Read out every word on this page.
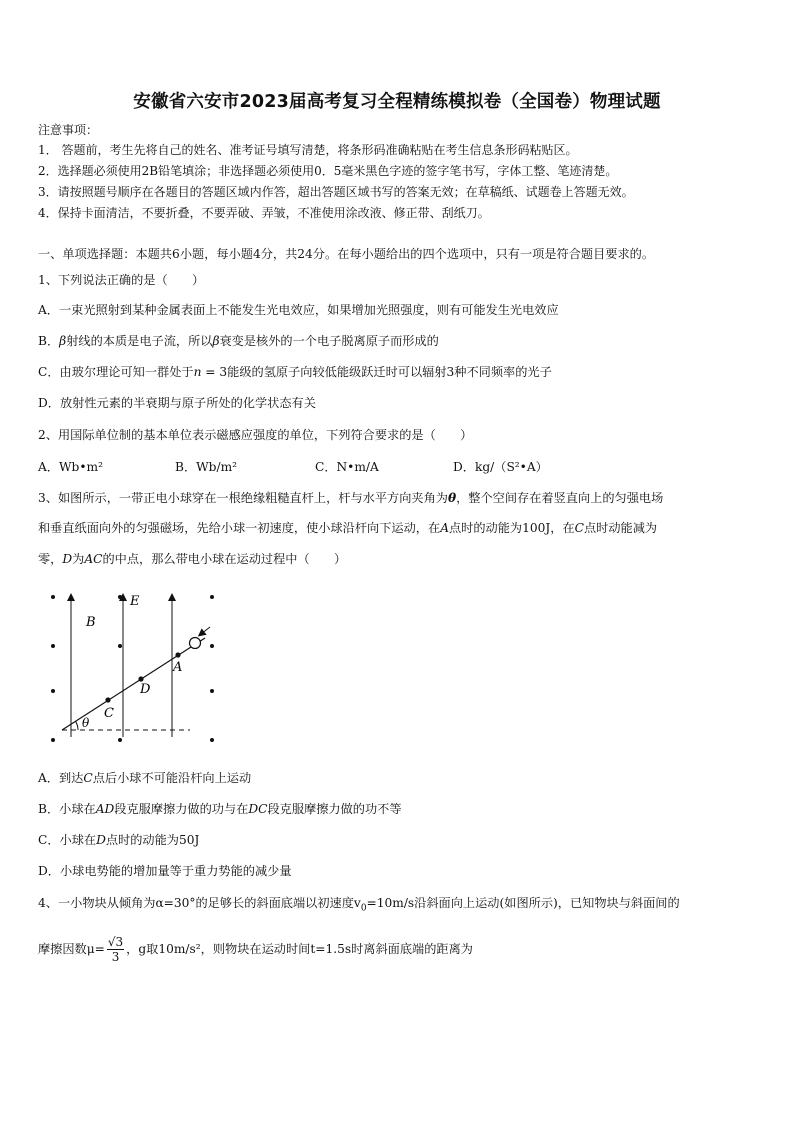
安徽省六安市2023届高考复习全程精练模拟卷（全国卷）物理试题
注意事项：
1． 答题前，考生先将自己的姓名、准考证号填写清楚，将条形码准确粘贴在考生信息条形码粘贴区。
2．选择题必须使用2B铅笔填涂；非选择题必须使用0．5毫米黑色字迹的签字笔书写，字体工整、笔迹清楚。
3．请按照题号顺序在各题目的答题区域内作答，超出答题区域书写的答案无效；在草稿纸、试题卷上答题无效。
4．保持卡面清洁，不要折叠，不要弄破、弄皱，不准使用涂改液、修正带、刮纸刀。
一、单项选择题：本题共6小题，每小题4分，共24分。在每小题给出的四个选项中，只有一项是符合题目要求的。
1、下列说法正确的是（　　）
A．一束光照射到某种金属表面上不能发生光电效应，如果增加光照强度，则有可能发生光电效应
B．β射线的本质是电子流，所以β衰变是核外的一个电子脱离原子而形成的
C．由玻尔理论可知一群处于n = 3能级的氢原子向较低能级跃迁时可以辐射3种不同频率的光子
D．放射性元素的半衰期与原子所处的化学状态有关
2、用国际单位制的基本单位表示磁感应强度的单位，下列符合要求的是（　　）
A．Wb•m²	B．Wb/m²	C．N•m/A	D．kg/（S²•A）
3、如图所示，一带正电小球穿在一根绝缘粗糙直杆上，杆与水平方向夹角为θ，整个空间存在着竖直向上的匀强电场
和垂直纸面向外的匀强磁场，先给小球一初速度，使小球沿杆向下运动，在A点时的动能为100J，在C点时动能减为
零，D为AC的中点，那么带电小球在运动过程中（　　）
B
E
A
D
C
θ
A．到达C点后小球不可能沿杆向上运动
B．小球在AD段克服摩擦力做的功与在DC段克服摩擦力做的功不等
C．小球在D点时的动能为50J
D．小球电势能的增加量等于重力势能的减少量
4、一小物块从倾角为α=30°的足够长的斜面底端以初速度$v_0=10m/s$沿斜面向上运动(如图所示)，已知物块与斜面间的
摩擦因数$\mu= \frac{√3}{3}$ ，g取10m/s²，则物块在运动时间t=1.5s时离斜面底端的距离为
